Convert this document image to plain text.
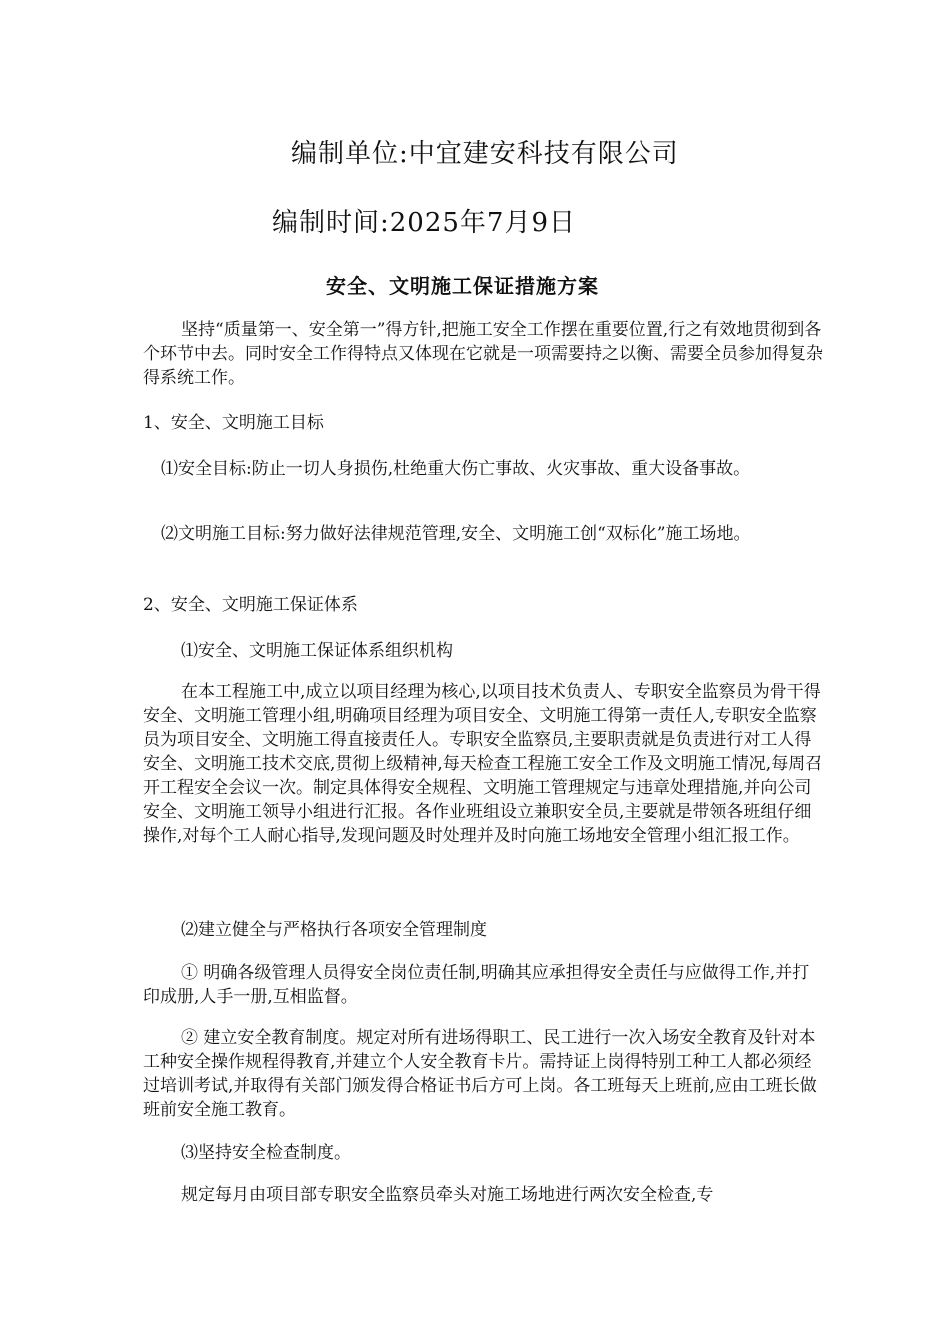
编制单位:中宜建安科技有限公司

编制时间:2025年7月9日

安全、文明施工保证措施方案

坚持“质量第一、安全第一”得方针,把施工安全工作摆在重要位置,行之有效地贯彻到各个环节中去。同时安全工作得特点又体现在它就是一项需要持之以衡、需要全员参加得复杂得系统工作。

1、安全、文明施工目标

⑴安全目标:防止一切人身损伤,杜绝重大伤亡事故、火灾事故、重大设备事故。

⑵文明施工目标:努力做好法律规范管理,安全、文明施工创“双标化”施工场地。

2、安全、文明施工保证体系

⑴安全、文明施工保证体系组织机构

在本工程施工中,成立以项目经理为核心,以项目技术负责人、专职安全监察员为骨干得安全、文明施工管理小组,明确项目经理为项目安全、文明施工得第一责任人,专职安全监察员为项目安全、文明施工得直接责任人。专职安全监察员,主要职责就是负责进行对工人得安全、文明施工技术交底,贯彻上级精神,每天检查工程施工安全工作及文明施工情况,每周召开工程安全会议一次。制定具体得安全规程、文明施工管理规定与违章处理措施,并向公司安全、文明施工领导小组进行汇报。各作业班组设立兼职安全员,主要就是带领各班组仔细操作,对每个工人耐心指导,发现问题及时处理并及时向施工场地安全管理小组汇报工作。

⑵建立健全与严格执行各项安全管理制度

① 明确各级管理人员得安全岗位责任制,明确其应承担得安全责任与应做得工作,并打印成册,人手一册,互相监督。

② 建立安全教育制度。规定对所有进场得职工、民工进行一次入场安全教育及针对本工种安全操作规程得教育,并建立个人安全教育卡片。需持证上岗得特别工种工人都必须经过培训考试,并取得有关部门颁发得合格证书后方可上岗。各工班每天上班前,应由工班长做班前安全施工教育。

⑶坚持安全检查制度。

规定每月由项目部专职安全监察员牵头对施工场地进行两次安全检查,专
